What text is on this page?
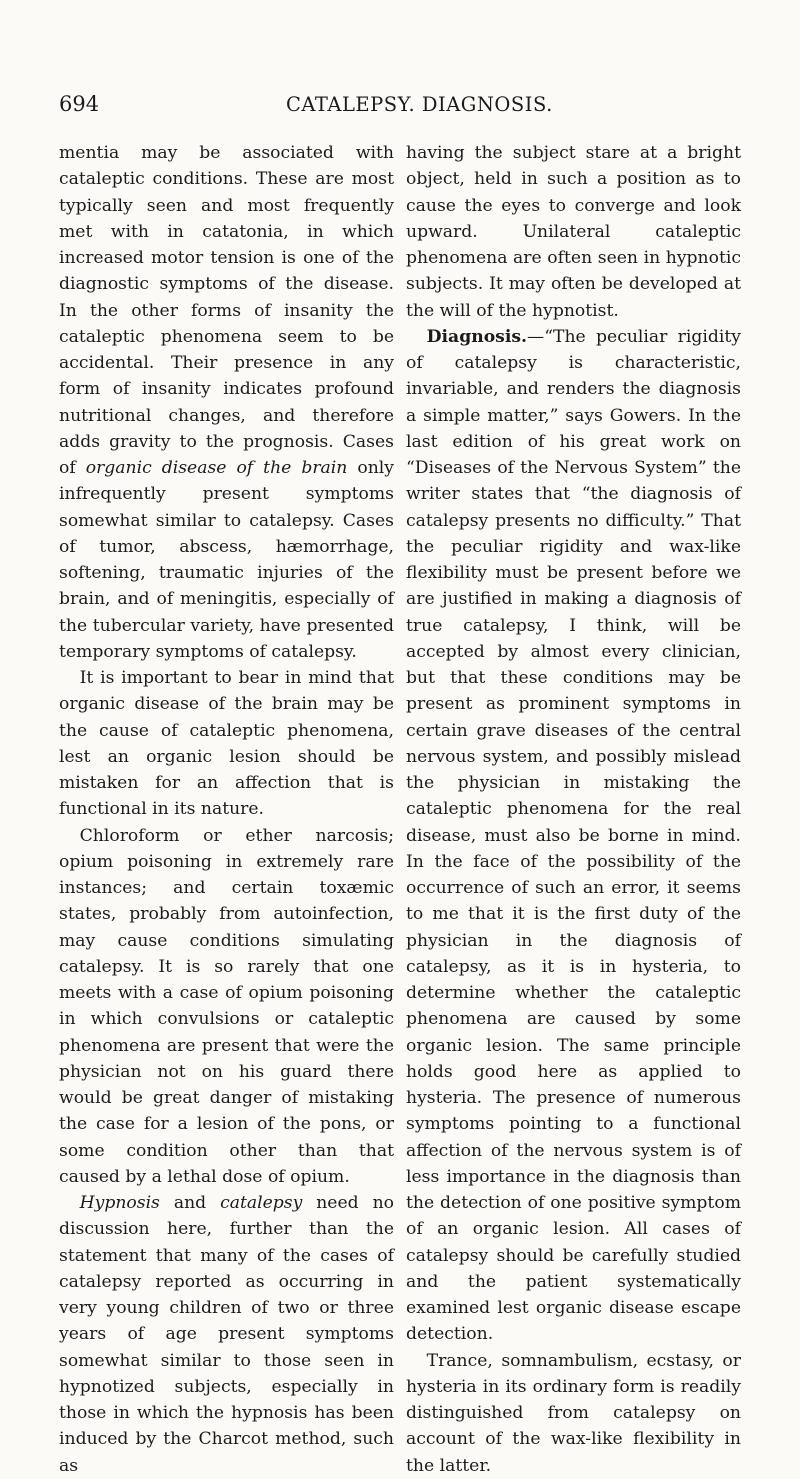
694	CATALEPSY. DIAGNOSIS.

mentia may be associated with cataleptic conditions. These are most typically seen and most frequently met with in catatonia, in which increased motor tension is one of the diagnostic symptoms of the disease. In the other forms of insanity the cataleptic phenomena seem to be accidental. Their presence in any form of insanity indicates profound nutritional changes, and therefore adds gravity to the prognosis. Cases of organic disease of the brain only infrequently present symptoms somewhat similar to catalepsy. Cases of tumor, abscess, hæmorrhage, softening, traumatic injuries of the brain, and of meningitis, especially of the tubercular variety, have presented temporary symptoms of catalepsy.

It is important to bear in mind that organic disease of the brain may be the cause of cataleptic phenomena, lest an organic lesion should be mistaken for an affection that is functional in its nature.

Chloroform or ether narcosis; opium poisoning in extremely rare instances; and certain toxæmic states, probably from autoinfection, may cause conditions simulating catalepsy. It is so rarely that one meets with a case of opium poisoning in which convulsions or cataleptic phenomena are present that were the physician not on his guard there would be great danger of mistaking the case for a lesion of the pons, or some condition other than that caused by a lethal dose of opium.

Hypnosis and catalepsy need no discussion here, further than the statement that many of the cases of catalepsy reported as occurring in very young children of two or three years of age present symptoms somewhat similar to those seen in hypnotized subjects, especially in those in which the hypnosis has been induced by the Charcot method, such as

having the subject stare at a bright object, held in such a position as to cause the eyes to converge and look upward. Unilateral cataleptic phenomena are often seen in hypnotic subjects. It may often be developed at the will of the hypnotist.

Diagnosis.—“The peculiar rigidity of catalepsy is characteristic, invariable, and renders the diagnosis a simple matter,” says Gowers. In the last edition of his great work on “Diseases of the Nervous System” the writer states that “the diagnosis of catalepsy presents no difficulty.” That the peculiar rigidity and wax-like flexibility must be present before we are justified in making a diagnosis of true catalepsy, I think, will be accepted by almost every clinician, but that these conditions may be present as prominent symptoms in certain grave diseases of the central nervous system, and possibly mislead the physician in mistaking the cataleptic phenomena for the real disease, must also be borne in mind. In the face of the possibility of the occurrence of such an error, it seems to me that it is the first duty of the physician in the diagnosis of catalepsy, as it is in hysteria, to determine whether the cataleptic phenomena are caused by some organic lesion. The same principle holds good here as applied to hysteria. The presence of numerous symptoms pointing to a functional affection of the nervous system is of less importance in the diagnosis than the detection of one positive symptom of an organic lesion. All cases of catalepsy should be carefully studied and the patient systematically examined lest organic disease escape detection.

Trance, somnambulism, ecstasy, or hysteria in its ordinary form is readily distinguished from catalepsy on account of the wax-like flexibility in the latter.
